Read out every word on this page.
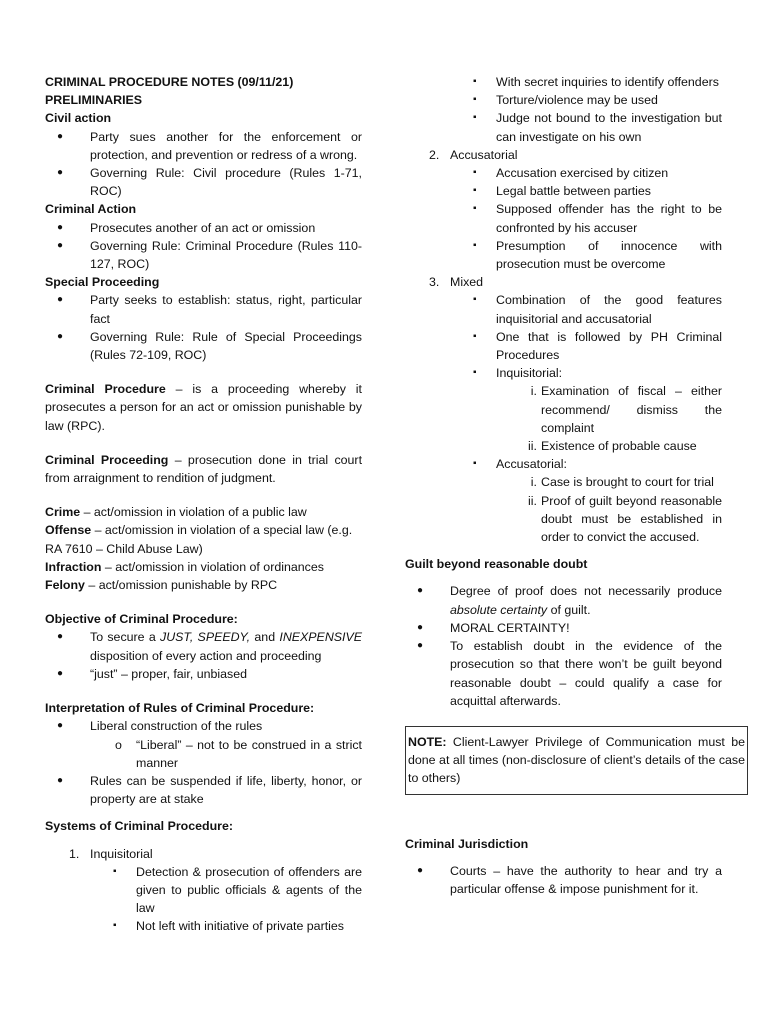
CRIMINAL PROCEDURE NOTES (09/11/21)
PRELIMINARIES
Civil action
● Party sues another for the enforcement or protection, and prevention or redress of a wrong.
● Governing Rule: Civil procedure (Rules 1-71, ROC)
Criminal Action
● Prosecutes another of an act or omission
● Governing Rule: Criminal Procedure (Rules 110-127, ROC)
Special Proceeding
● Party seeks to establish: status, right, particular fact
● Governing Rule: Rule of Special Proceedings (Rules 72-109, ROC)

Criminal Procedure – is a proceeding whereby it prosecutes a person for an act or omission punishable by law (RPC).

Criminal Proceeding – prosecution done in trial court from arraignment to rendition of judgment.

Crime – act/omission in violation of a public law
Offense – act/omission in violation of a special law (e.g. RA 7610 – Child Abuse Law)
Infraction – act/omission in violation of ordinances
Felony – act/omission punishable by RPC
Objective of Criminal Procedure:
● To secure a JUST, SPEEDY, and INEXPENSIVE disposition of every action and proceeding
● “just” – proper, fair, unbiased
Interpretation of Rules of Criminal Procedure:
● Liberal construction of the rules
o “Liberal” – not to be construed in a strict manner
● Rules can be suspended if life, liberty, honor, or property are at stake
Systems of Criminal Procedure:
1. Inquisitorial
▪ Detection & prosecution of offenders are given to public officials & agents of the law
▪ Not left with initiative of private parties
▪ With secret inquiries to identify offenders
▪ Torture/violence may be used
▪ Judge not bound to the investigation but can investigate on his own
2. Accusatorial
▪ Accusation exercised by citizen
▪ Legal battle between parties
▪ Supposed offender has the right to be confronted by his accuser
▪ Presumption of innocence with prosecution must be overcome
3. Mixed
▪ Combination of the good features inquisitorial and accusatorial
▪ One that is followed by PH Criminal Procedures
▪ Inquisitorial:
i. Examination of fiscal – either recommend/ dismiss the complaint
ii. Existence of probable cause
▪ Accusatorial:
i. Case is brought to court for trial
ii. Proof of guilt beyond reasonable doubt must be established in order to convict the accused.
Guilt beyond reasonable doubt
● Degree of proof does not necessarily produce absolute certainty of guilt.
● MORAL CERTAINTY!
● To establish doubt in the evidence of the prosecution so that there won’t be guilt beyond reasonable doubt – could qualify a case for acquittal afterwards.
NOTE: Client-Lawyer Privilege of Communication must be done at all times (non-disclosure of client’s details of the case to others)
Criminal Jurisdiction
● Courts – have the authority to hear and try a particular offense & impose punishment for it.
